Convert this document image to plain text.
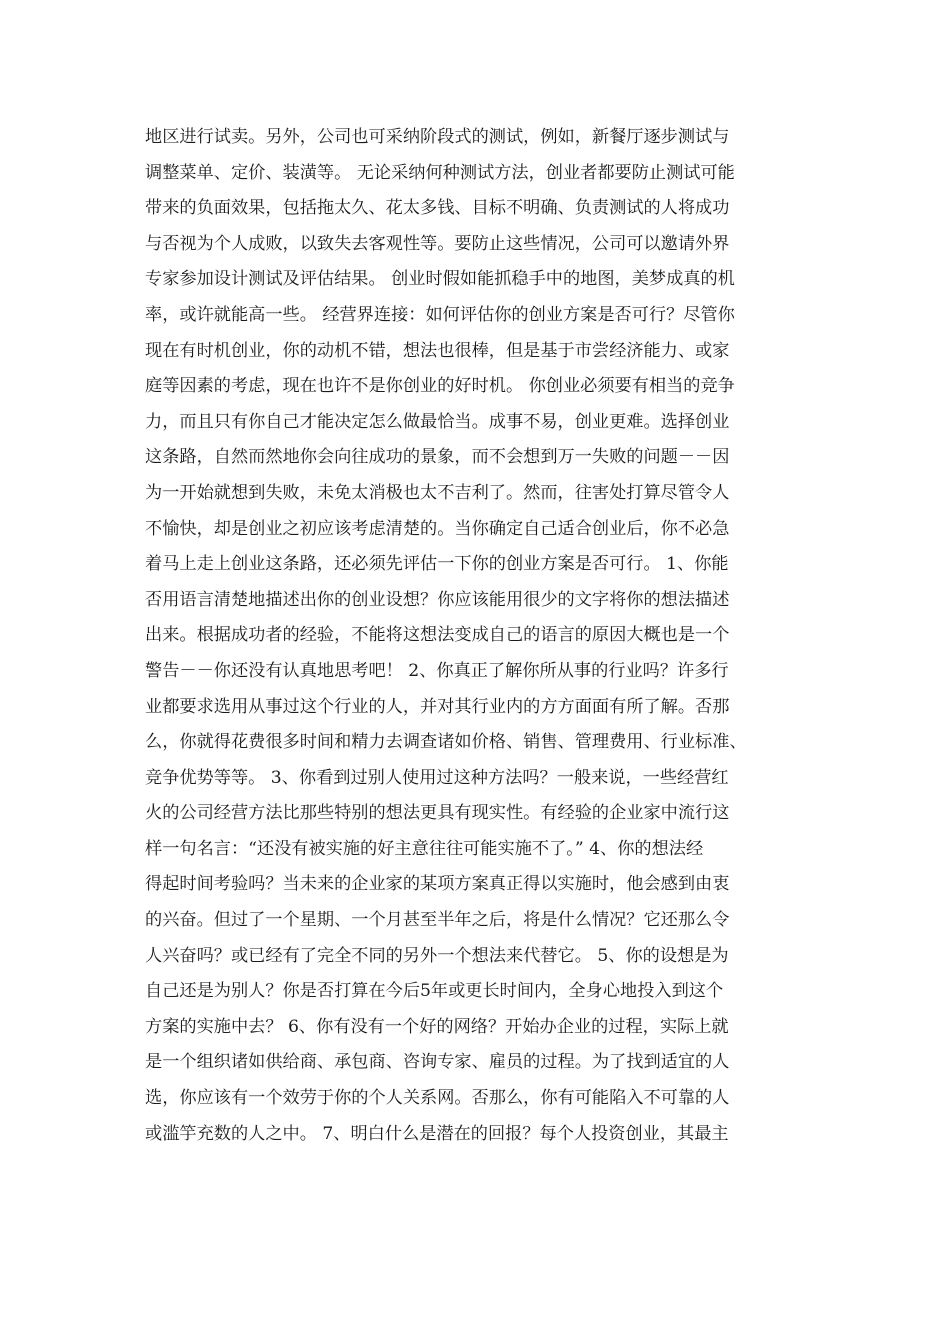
地区进行试卖。另外，公司也可采纳阶段式的测试，例如，新餐厅逐步测试与
调整菜单、定价、装潢等。 无论采纳何种测试方法，创业者都要防止测试可能
带来的负面效果，包括拖太久、花太多钱、目标不明确、负责测试的人将成功
与否视为个人成败，以致失去客观性等。要防止这些情况，公司可以邀请外界
专家参加设计测试及评估结果。 创业时假如能抓稳手中的地图，美梦成真的机
率，或许就能高一些。 经营界连接：如何评估你的创业方案是否可行？尽管你
现在有时机创业，你的动机不错，想法也很棒，但是基于市尝经济能力、或家
庭等因素的考虑，现在也许不是你创业的好时机。 你创业必须要有相当的竞争
力，而且只有你自己才能决定怎么做最恰当。成事不易，创业更难。选择创业
这条路，自然而然地你会向往成功的景象，而不会想到万一失败的问题－－因
为一开始就想到失败，未免太消极也太不吉利了。然而，往害处打算尽管令人
不愉快，却是创业之初应该考虑清楚的。当你确定自己适合创业后，你不必急
着马上走上创业这条路，还必须先评估一下你的创业方案是否可行。 1、你能
否用语言清楚地描述出你的创业设想？你应该能用很少的文字将你的想法描述
出来。根据成功者的经验，不能将这想法变成自己的语言的原因大概也是一个
警告－－你还没有认真地思考吧！ 2、你真正了解你所从事的行业吗？许多行
业都要求选用从事过这个行业的人，并对其行业内的方方面面有所了解。否那
么，你就得花费很多时间和精力去调查诸如价格、销售、管理费用、行业标准、
竞争优势等等。 3、你看到过别人使用过这种方法吗？一般来说，一些经营红
火的公司经营方法比那些特别的想法更具有现实性。有经验的企业家中流行这
样一句名言：“还没有被实施的好主意往往可能实施不了。” 4、你的想法经
得起时间考验吗？当未来的企业家的某项方案真正得以实施时，他会感到由衷
的兴奋。但过了一个星期、一个月甚至半年之后，将是什么情况？它还那么令
人兴奋吗？或已经有了完全不同的另外一个想法来代替它。 5、你的设想是为
自己还是为别人？你是否打算在今后5年或更长时间内，全身心地投入到这个
方案的实施中去？ 6、你有没有一个好的网络？开始办企业的过程，实际上就
是一个组织诸如供给商、承包商、咨询专家、雇员的过程。为了找到适宜的人
选，你应该有一个效劳于你的个人关系网。否那么，你有可能陷入不可靠的人
或滥竽充数的人之中。 7、明白什么是潜在的回报？每个人投资创业，其最主
